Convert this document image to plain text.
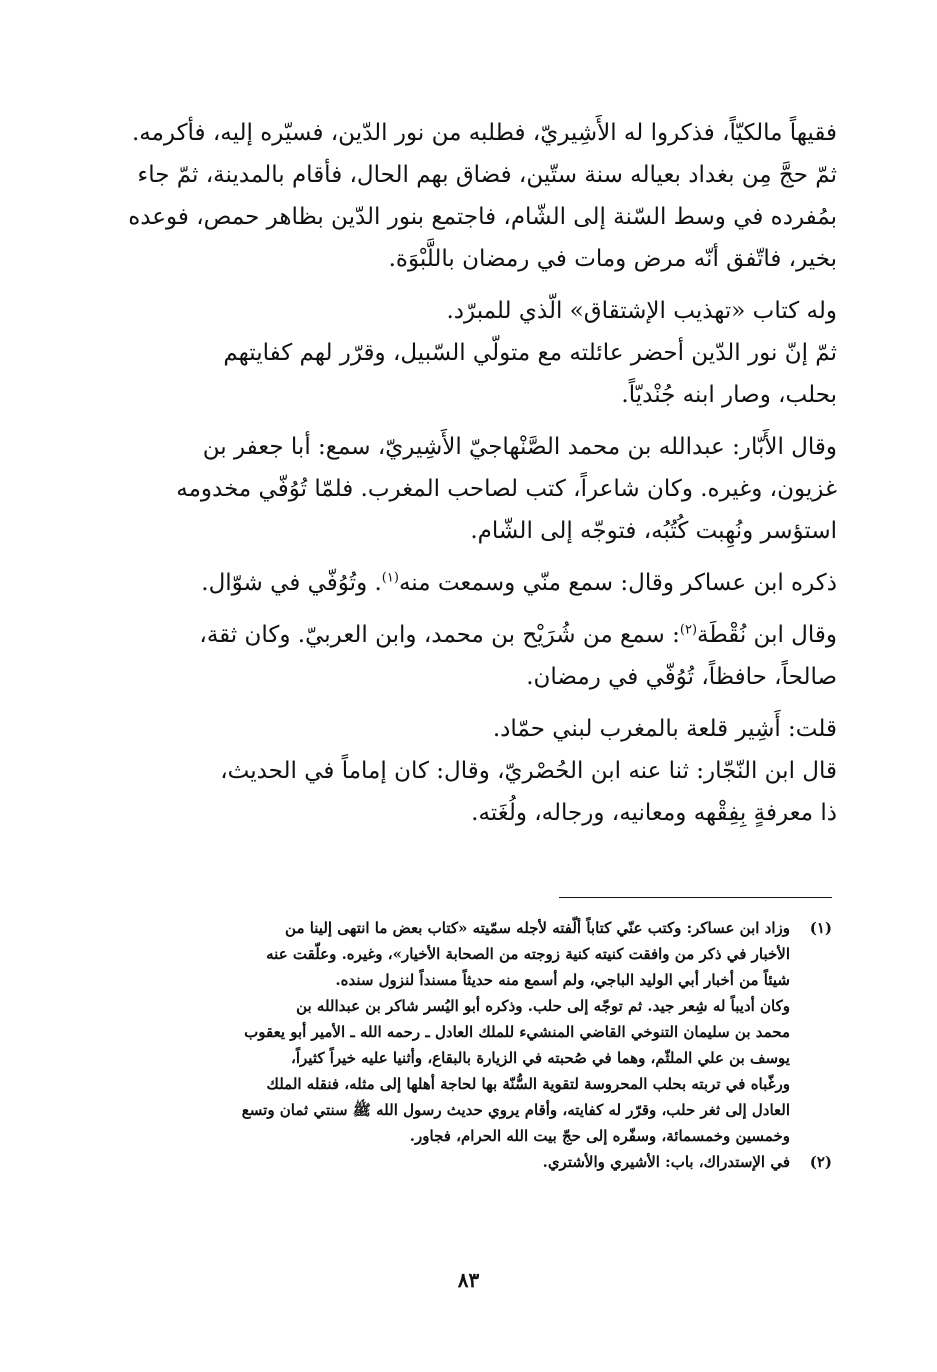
فقيهاً مالكيّاً، فذكروا له الأَشِيريّ، فطلبه من نور الدّين، فسيّره إليه، فأكرمه.
ثمّ حجَّ مِن بغداد بعياله سنة ستّين، فضاق بهم الحال، فأقام بالمدينة، ثمّ جاء
بمُفرده في وسط السّنة إلى الشّام، فاجتمع بنور الدّين بظاهر حمص، فوعده
بخير، فاتّفق أنّه مرض ومات في رمضان باللَّبْوَة.

وله كتاب «تهذيب الإشتقاق» الّذي للمبرّد.

ثمّ إنّ نور الدّين أحضر عائلته مع متولّي السّبيل، وقرّر لهم كفايتهم
بحلب، وصار ابنه جُنْديّاً.

وقال الأَبّار: عبدالله بن محمد الصَّنْهاجيّ الأَشِيريّ، سمع: أبا جعفر بن
غزيون، وغيره. وكان شاعراً، كتب لصاحب المغرب. فلمّا تُوُفّي مخدومه
استؤسر ونُهِبت كُتُبُه، فتوجّه إلى الشّام.

ذكره ابن عساكر وقال: سمع منّي وسمعت منه$^{(١)}$. وتُوُفّي في شوّال.

وقال ابن نُقْطَة$^{(٢)}$: سمع من شُرَيْح بن محمد، وابن العربيّ. وكان ثقة،
صالحاً، حافظاً، تُوُفّي في رمضان.

قلت: أَشِير قلعة بالمغرب لبني حمّاد.

قال ابن النّجّار: ثنا عنه ابن الحُصْريّ، وقال: كان إماماً في الحديث،
ذا معرفةٍ بِفِقْهه ومعانيه، ورجاله، ولُغَته.

(١)

وزاد ابن عساكر: وكتب عنّي كتاباً ألّفته لأجله سمّيته «كتاب بعض ما انتهى إلينا من

الأخبار في ذكر من وافقت كنيته كنية زوجته من الصحابة الأخيار»، وغيره. وعلّقت عنه

شيئاً من أخبار أبي الوليد الباجي، ولم أسمع منه حديثاً مسنداً لنزول سنده.

وكان أديباً له شِعر جيد. ثم توجّه إلى حلب. وذكره أبو اليُسر شاكر بن عبدالله بن

محمد بن سليمان التنوخي القاضي المنشيء للملك العادل ـ رحمه الله ـ الأمير أبو يعقوب

يوسف بن علي الملثّم، وهما في صُحبته في الزيارة بالبقاع، وأثنيا عليه خيراً كثيراً،

ورغّباه في تربته بحلب المحروسة لتقوية السُّنّة بها لحاجة أهلها إلى مثله، فنقله الملك

العادل إلى ثغر حلب، وقرّر له كفايته، وأقام يروي حديث رسول الله ﷺ سنتي ثمان وتسع

وخمسين وخمسمائة، وسفّره إلى حجّ بيت الله الحرام، فجاور.

(٢)

في الإستدراك، باب: الأشيري والأشتري.

٨٣
